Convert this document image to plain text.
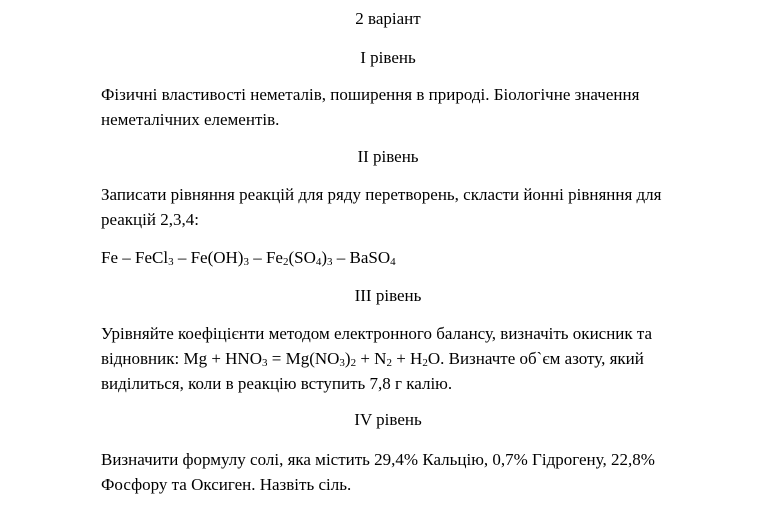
2 варіант
І рівень
Фізичні властивості неметалів, поширення в природі. Біологічне значення
неметалічних елементів.
ІІ рівень
Записати рівняння реакцій для ряду перетворень, скласти йонні рівняння для
реакцій 2,3,4:
Fe – FeCl$_3$ – $Fe(OH)_3 - Fe_2(SO_4)_3$ – BaSO$_4$
ІІІ рівень
Урівняйте коефіцієнти методом електронного балансу, визначіть окисник та
відновник: $Mg + HNO_3 = Mg(NO_3)_2 + N_2 + H_2O$. Визначте об`єм азоту, який
виділиться, коли в реакцію вступить 7,8 г калію.
ІV рівень
Визначити формулу солі, яка містить 29,4% Кальцію, 0,7% Гідрогену, 22,8%
Фосфору та Оксиген. Назвіть сіль.
